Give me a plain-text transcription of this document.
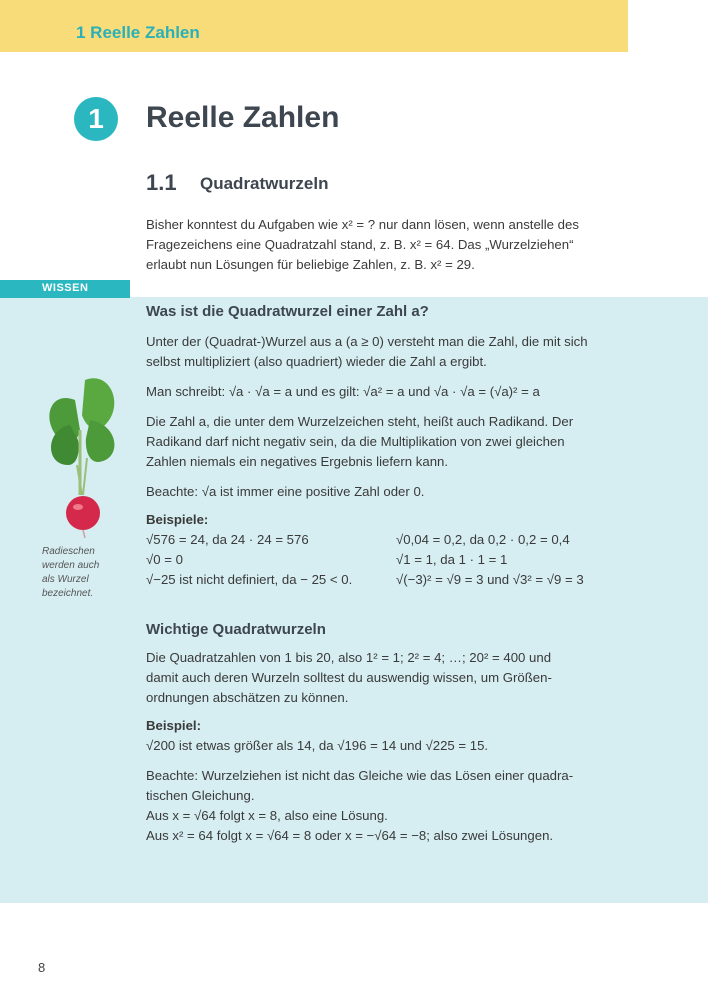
1 Reelle Zahlen
1	Reelle Zahlen
1.1 Quadratwurzeln
Bisher konntest du Aufgaben wie x² = ? nur dann lösen, wenn anstelle des
Fragezeichens eine Quadratzahl stand, z. B. x² = 64. Das „Wurzelziehen“
erlaubt nun Lösungen für beliebige Zahlen, z. B. x² = 29.
WISSEN
Radieschen
werden auch
als Wurzel
bezeichnet.
Was ist die Quadratwurzel einer Zahl a?
Unter der (Quadrat-)Wurzel aus a (a ≥ 0) versteht man die Zahl, die mit sich
selbst multipliziert (also quadriert) wieder die Zahl a ergibt.
Man schreibt: √a · √a = a und es gilt: √a² = a und √a · √a = (√a)² = a
Die Zahl a, die unter dem Wurzelzeichen steht, heißt auch Radikand. Der
Radikand darf nicht negativ sein, da die Multiplikation von zwei gleichen
Zahlen niemals ein negatives Ergebnis liefern kann.
Beachte: √a ist immer eine positive Zahl oder 0.
Beispiele:
√576 = 24, da 24 · 24 = 576	√0,04 = 0,2, da 0,2 · 0,2 = 0,4
√0 = 0	√1 = 1, da 1 · 1 = 1
√−25 ist nicht definiert, da − 25 < 0.	√(−3)² = √9 = 3 und √3² = √9 = 3
Wichtige Quadratwurzeln
Die Quadratzahlen von 1 bis 20, also 1² = 1; 2² = 4; …; 20² = 400 und
damit auch deren Wurzeln solltest du auswendig wissen, um Größen-
ordnungen abschätzen zu können.
Beispiel:
√200 ist etwas größer als 14, da √196 = 14 und √225 = 15.
Beachte: Wurzelziehen ist nicht das Gleiche wie das Lösen einer quadra-
tischen Gleichung.
Aus x = √64 folgt x = 8, also eine Lösung.
Aus x² = 64 folgt x = √64 = 8 oder x = −√64 = −8; also zwei Lösungen.
8
